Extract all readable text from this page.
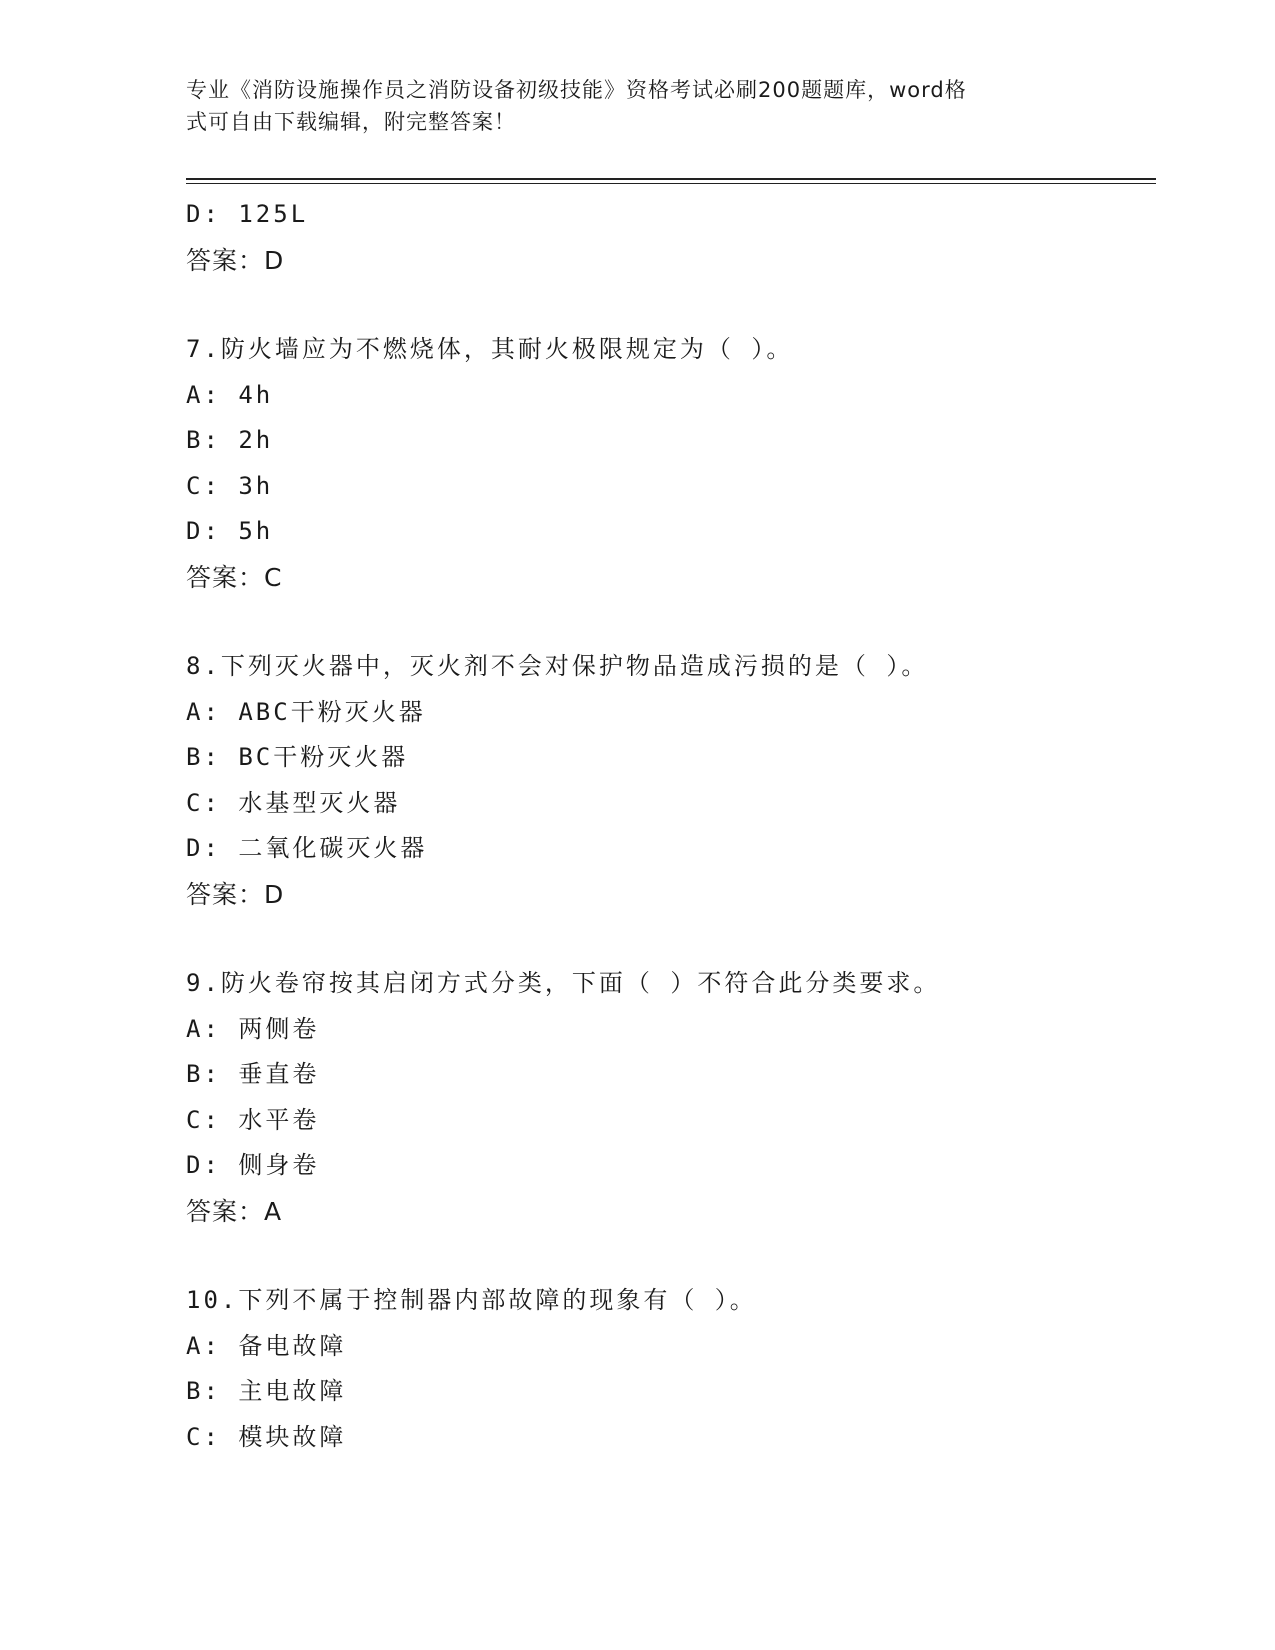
专业《消防设施操作员之消防设备初级技能》资格考试必刷200题题库，word格
式可自由下载编辑，附完整答案！
D: 125L
答案：D
7.防火墙应为不燃烧体，其耐火极限规定为（ ）。
A: 4h
B: 2h
C: 3h
D: 5h
答案：C
8.下列灭火器中，灭火剂不会对保护物品造成污损的是（ ）。
A: ABC干粉灭火器
B: BC干粉灭火器
C: 水基型灭火器
D: 二氧化碳灭火器
答案：D
9.防火卷帘按其启闭方式分类，下面（ ）不符合此分类要求。
A: 两侧卷
B: 垂直卷
C: 水平卷
D: 侧身卷
答案：A
10.下列不属于控制器内部故障的现象有（ ）。
A: 备电故障
B: 主电故障
C: 模块故障
